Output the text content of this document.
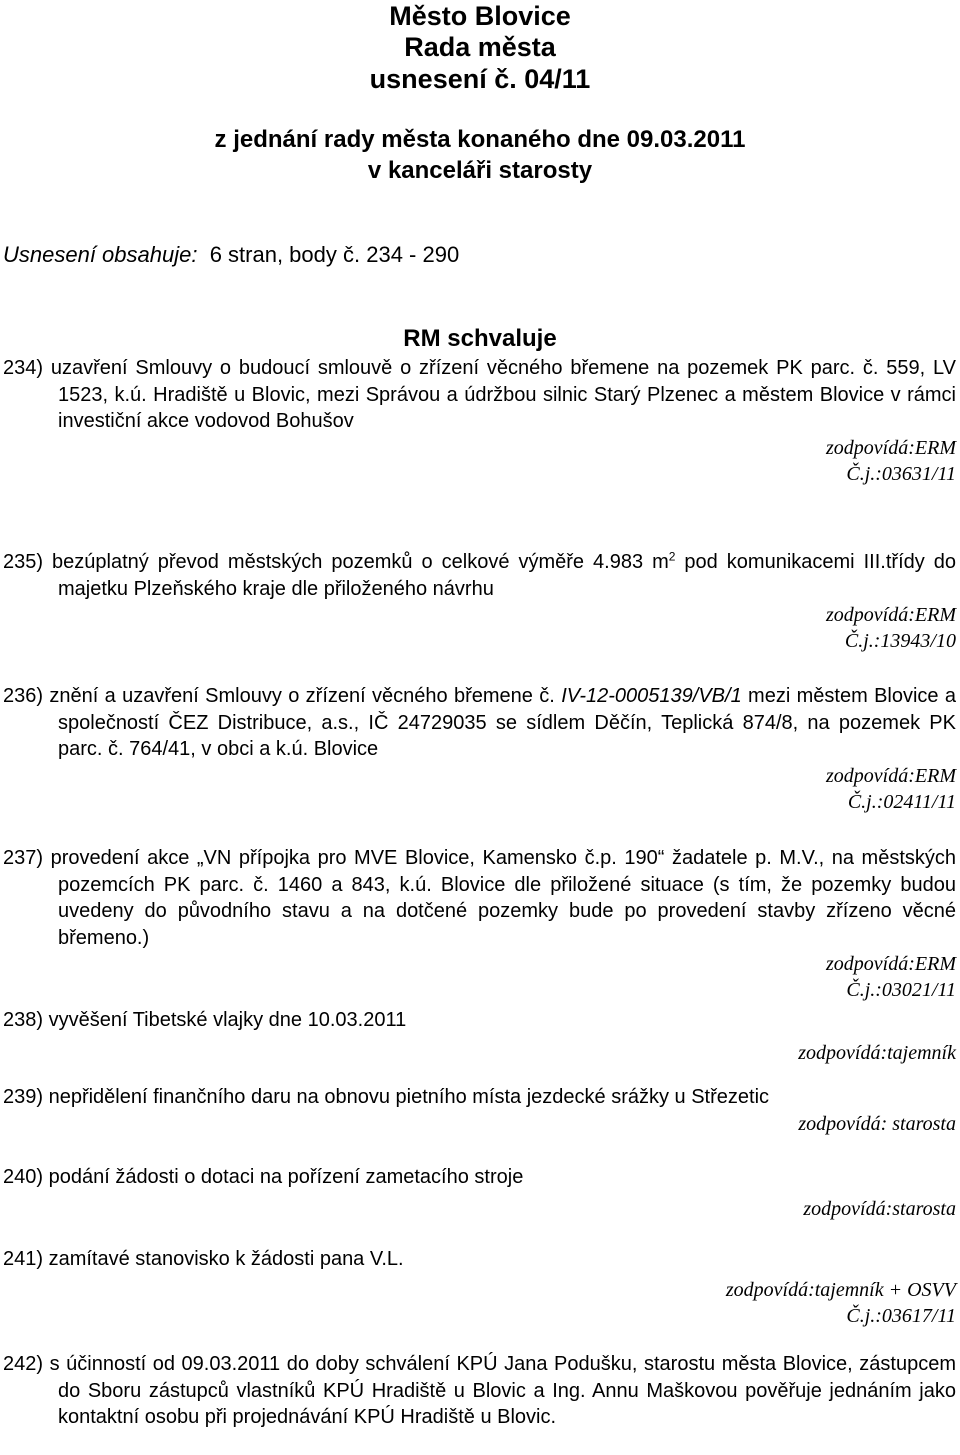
Město Blovice
Rada města
usnesení č. 04/11
z jednání rady města konaného dne 09.03.2011
v kanceláři starosty
Usnesení obsahuje: 6 stran, body č. 234 - 290
RM schvaluje
234) uzavření Smlouvy o budoucí smlouvě o zřízení věcného břemene na pozemek PK parc. č. 559, LV 1523, k.ú. Hradiště u Blovic, mezi Správou a údržbou silnic Starý Plzenec a městem Blovice v rámci investiční akce vodovod Bohušov
zodpovídá:ERM
Č.j.:03631/11
235) bezúplatný převod městských pozemků o celkové výměře 4.983 $m^2$ pod komunikacemi III.třídy do majetku Plzeňského kraje dle přiloženého návrhu
zodpovídá:ERM
Č.j.:13943/10
236) znění a uzavření Smlouvy o zřízení věcného břemene č. IV-12-0005139/VB/1 mezi městem Blovice a společností ČEZ Distribuce, a.s., IČ 24729035 se sídlem Děčín, Teplická 874/8, na pozemek PK parc. č. 764/41, v obci a k.ú. Blovice
zodpovídá:ERM
Č.j.:02411/11
237) provedení akce „VN přípojka pro MVE Blovice, Kamensko č.p. 190“ žadatele p. M.V., na městských pozemcích PK parc. č. 1460 a 843, k.ú. Blovice dle přiložené situace (s tím, že pozemky budou uvedeny do původního stavu a na dotčené pozemky bude po provedení stavby zřízeno věcné břemeno.)
zodpovídá:ERM
Č.j.:03021/11
238) vyvěšení Tibetské vlajky dne 10.03.2011
zodpovídá:tajemník
239) nepřidělení finančního daru na obnovu pietního místa jezdecké srážky u Střezetic
zodpovídá: starosta
240) podání žádosti o dotaci na pořízení zametacího stroje
zodpovídá:starosta
241) zamítavé stanovisko k žádosti pana V.L.
zodpovídá:tajemník + OSVV
Č.j.:03617/11
242) s účinností od 09.03.2011 do doby schválení KPÚ Jana Podušku, starostu města Blovice, zástupcem do Sboru zástupců vlastníků KPÚ Hradiště u Blovic a Ing. Annu Maškovou pověřuje jednáním jako kontaktní osobu při projednávání KPÚ Hradiště u Blovic.
